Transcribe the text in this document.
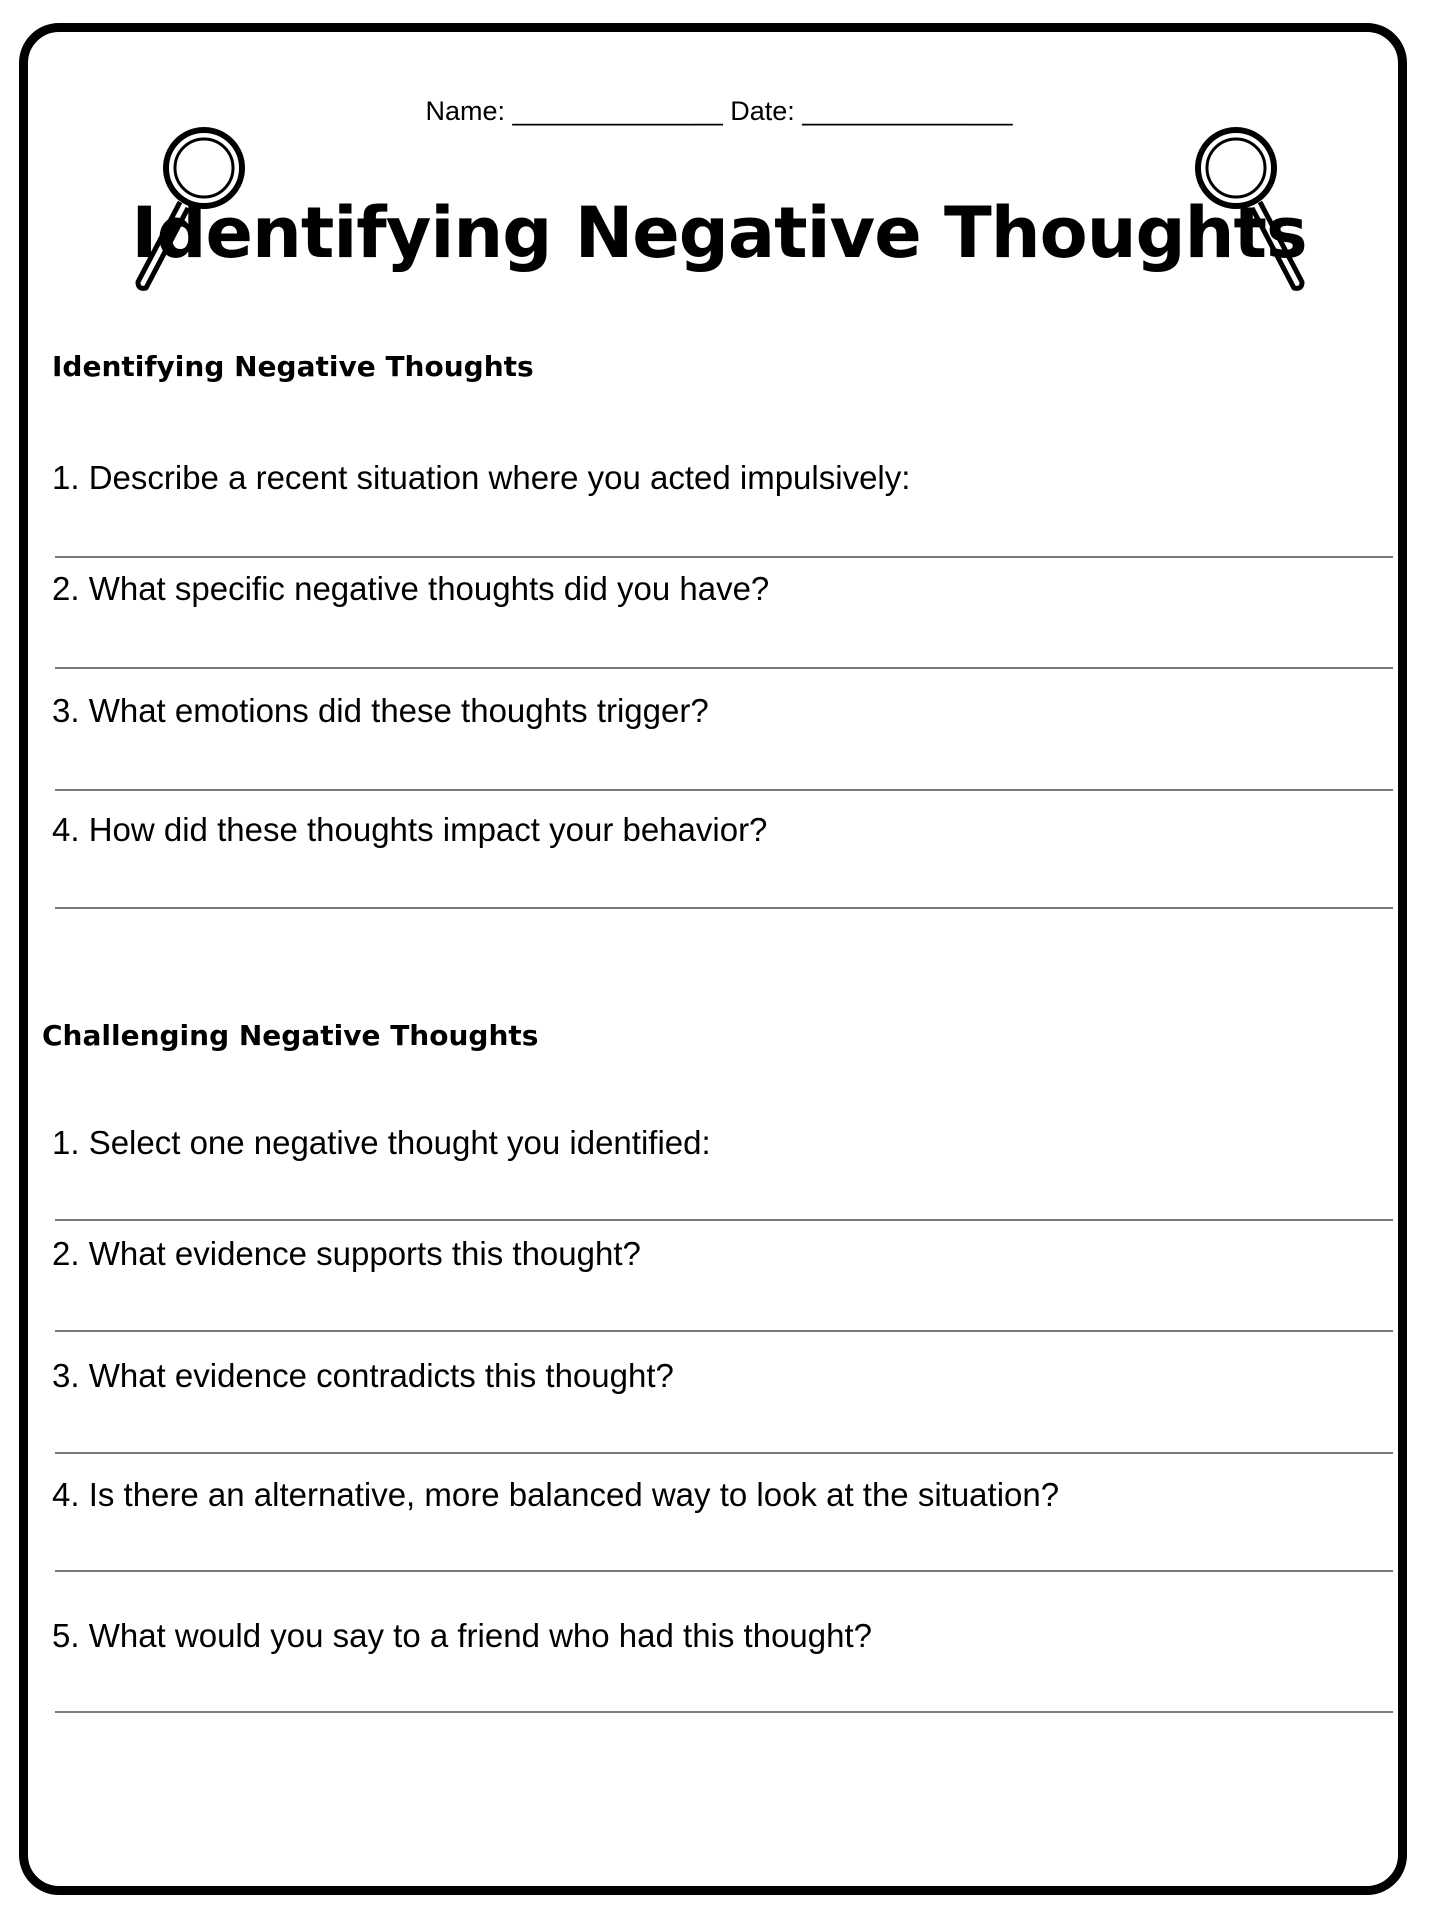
Name: ______________ Date: ______________

Identifying Negative Thoughts
Identifying Negative Thoughts

1. Describe a recent situation where you acted impulsively:

2. What specific negative thoughts did you have?

3. What emotions did these thoughts trigger?

4. How did these thoughts impact your behavior?

Challenging Negative Thoughts

1. Select one negative thought you identified:

2. What evidence supports this thought?

3. What evidence contradicts this thought?

4. Is there an alternative, more balanced way to look at the situation?

5. What would you say to a friend who had this thought?
